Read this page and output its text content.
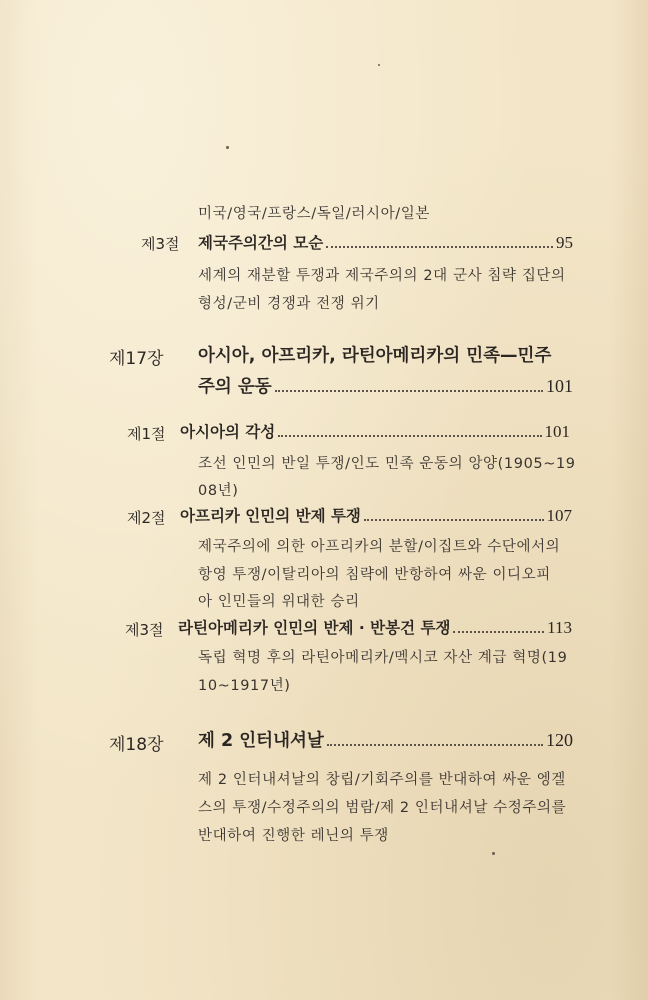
미국/영국/프랑스/독일/러시아/일본
제3절 제국주의간의 모순	95
세계의 재분할 투쟁과 제국주의의 2대 군사 침략 집단의
형성/군비 경쟁과 전쟁 위기
제17장 아시아, 아프리카, 라틴아메리카의 민족—민주
주의 운동	101
제1절 아시아의 각성	101
조선 인민의 반일 투쟁/인도 민족 운동의 앙양(1905~19
08년)
제2절 아프리카 인민의 반제 투쟁	107
제국주의에 의한 아프리카의 분할/이집트와 수단에서의
항영 투쟁/이탈리아의 침략에 반항하여 싸운 이디오피
아 인민들의 위대한 승리
제3절 라틴아메리카 인민의 반제 · 반봉건 투쟁	113
독립 혁명 후의 라틴아메리카/멕시코 자산 계급 혁명(19
10~1917년)
제18장 제 2 인터내셔날	120
제 2 인터내셔날의 창립/기회주의를 반대하여 싸운 엥겔
스의 투쟁/수정주의의 범람/제 2 인터내셔날 수정주의를
반대하여 진행한 레닌의 투쟁
